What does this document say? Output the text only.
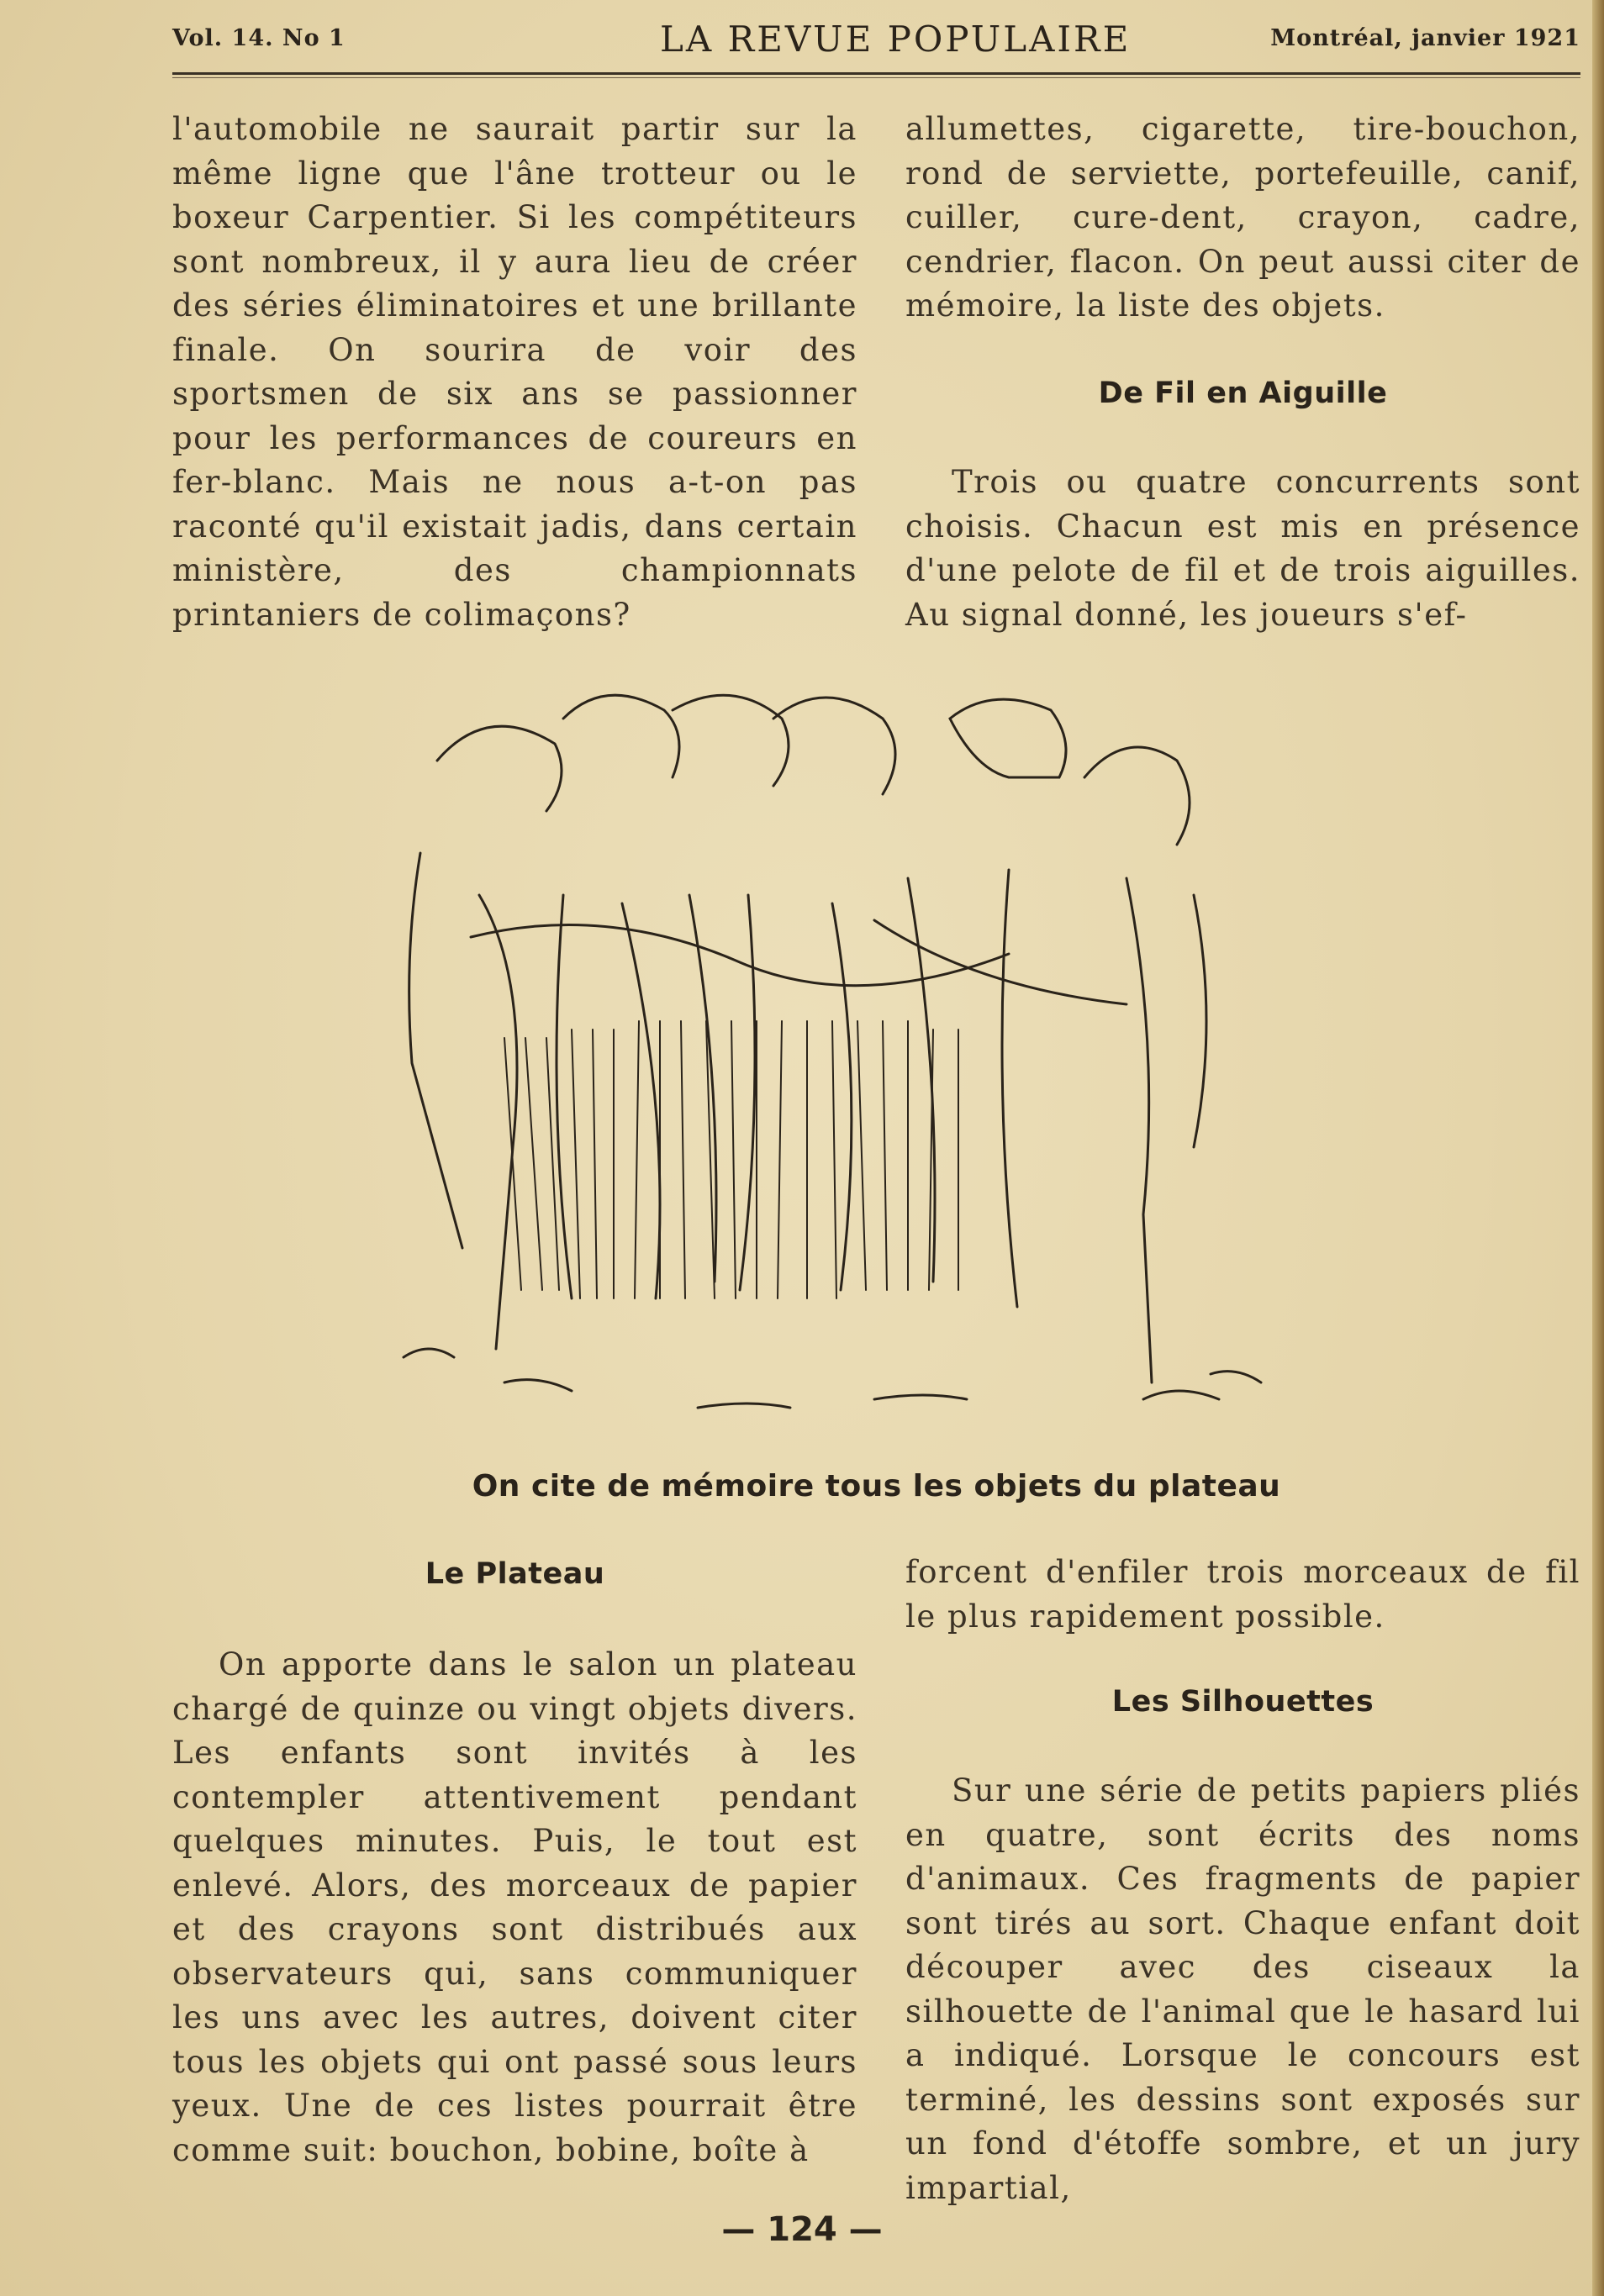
Vol. 14. No 1	LA REVUE POPULAIRE	Montréal, janvier 1921

l'automobile ne saurait partir sur la même ligne que l'âne trotteur ou le boxeur Carpentier. Si les compétiteurs sont nombreux, il y aura lieu de créer des séries éliminatoires et une brillante finale. On sourira de voir des sportsmen de six ans se passionner pour les performances de coureurs en fer-blanc. Mais ne nous a-t-on pas raconté qu'il existait jadis, dans certain ministère, des championnats printaniers de colimaçons?

allumettes, cigarette, tire-bouchon, rond de serviette, portefeuille, canif, cuiller, cure-dent, crayon, cadre, cendrier, flacon. On peut aussi citer de mémoire, la liste des objets.

De Fil en Aiguille

Trois ou quatre concurrents sont choisis. Chacun est mis en présence d'une pelote de fil et de trois aiguilles. Au signal donné, les joueurs s'ef-

On cite de mémoire tous les objets du plateau
Le Plateau

On apporte dans le salon un plateau chargé de quinze ou vingt objets divers. Les enfants sont invités à les contempler attentivement pendant quelques minutes. Puis, le tout est enlevé. Alors, des morceaux de papier et des crayons sont distribués aux observateurs qui, sans communiquer les uns avec les autres, doivent citer tous les objets qui ont passé sous leurs yeux. Une de ces listes pourrait être comme suit: bouchon, bobine, boîte à

forcent d'enfiler trois morceaux de fil le plus rapidement possible.

Les Silhouettes

Sur une série de petits papiers pliés en quatre, sont écrits des noms d'animaux. Ces fragments de papier sont tirés au sort. Chaque enfant doit découper avec des ciseaux la silhouette de l'animal que le hasard lui a indiqué. Lorsque le concours est terminé, les dessins sont exposés sur un fond d'étoffe sombre, et un jury impartial,

— 124 —
